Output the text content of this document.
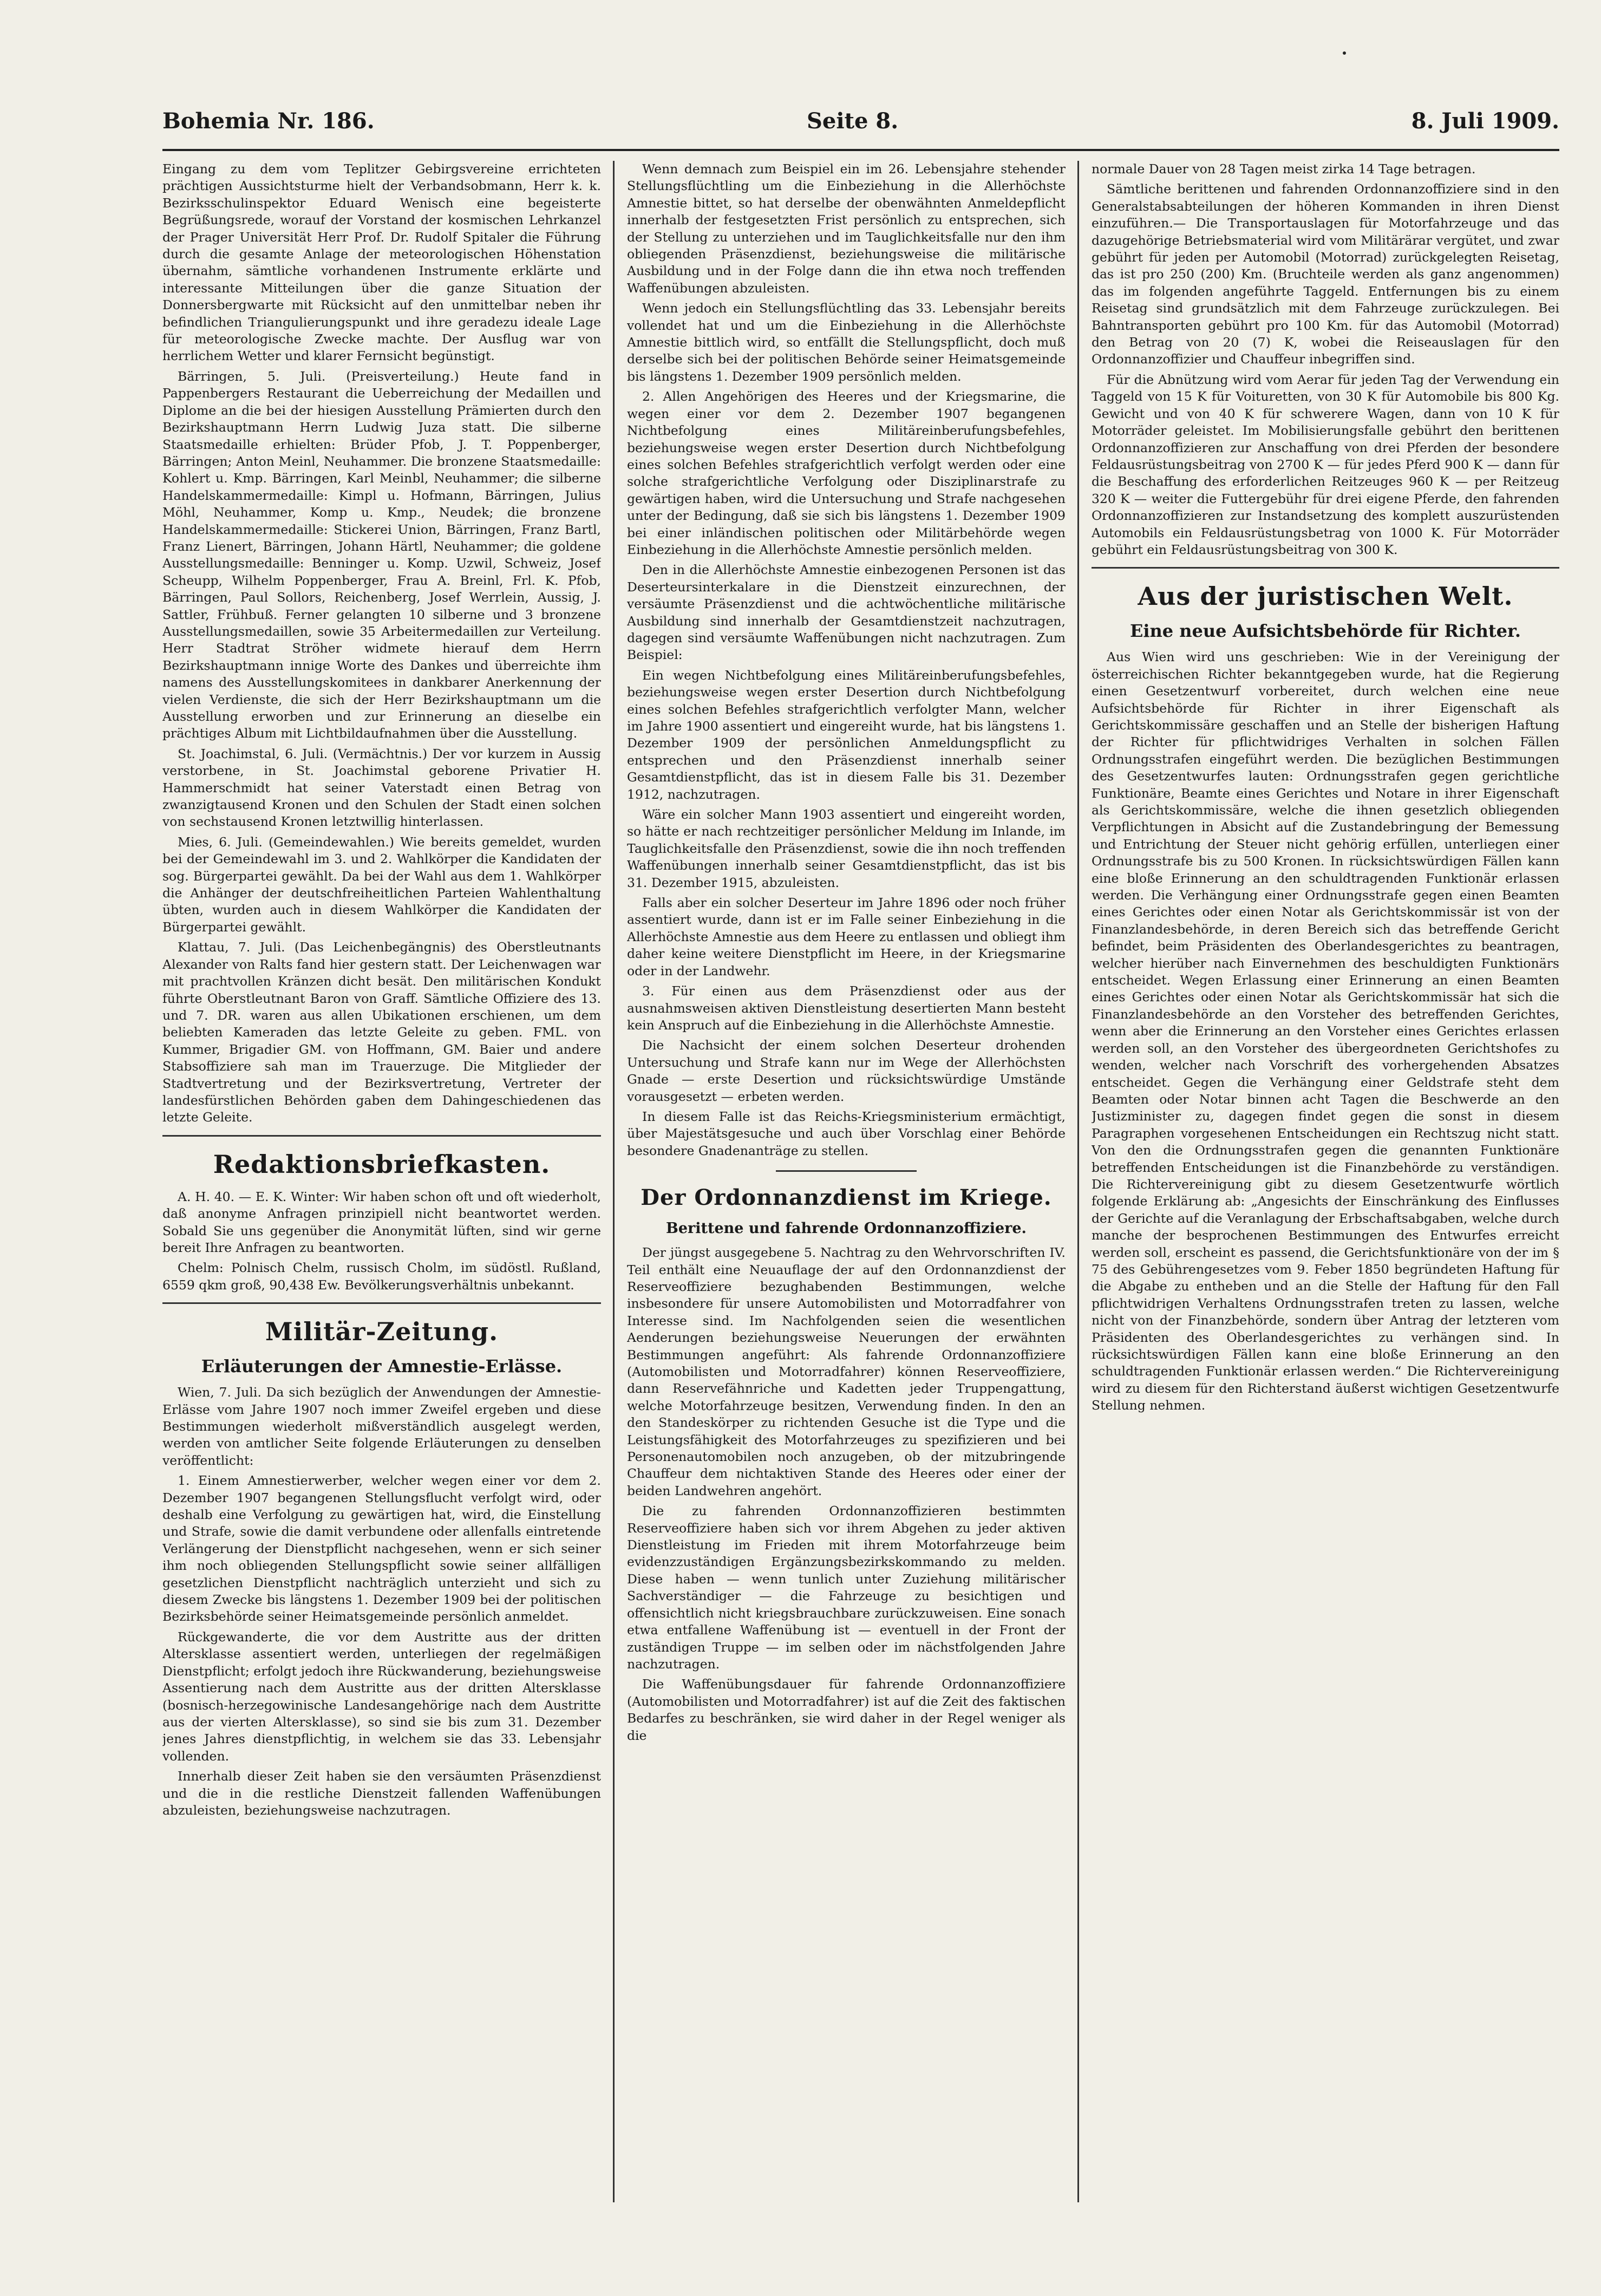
Bohemia Nr. 186.	Seite 8.	8. Juli 1909.

Eingang zu dem vom Teplitzer Gebirgsvereine errichteten prächtigen Aussichtsturme hielt der Verbandsobmann, Herr k. k. Bezirksschulinspektor Eduard Wenisch eine begeisterte Begrüßungsrede, worauf der Vorstand der kosmischen Lehrkanzel der Prager Universität Herr Prof. Dr. Rudolf Spitaler die Führung durch die gesamte Anlage der meteorologischen Höhenstation übernahm, sämtliche vorhandenen Instrumente erklärte und interessante Mitteilungen über die ganze Situation der Donnersbergwarte mit Rücksicht auf den unmittelbar neben ihr befindlichen Triangulierungspunkt und ihre geradezu ideale Lage für meteorologische Zwecke machte. Der Ausflug war von herrlichem Wetter und klarer Fernsicht begünstigt.

Bärringen, 5. Juli. (Preisverteilung.) Heute fand in Pappenbergers Restaurant die Ueberreichung der Medaillen und Diplome an die bei der hiesigen Ausstellung Prämierten durch den Bezirkshauptmann Herrn Ludwig Juza statt. Die silberne Staatsmedaille erhielten: Brüder Pfob, J. T. Poppenberger, Bärringen; Anton Meinl, Neuhammer. Die bronzene Staatsmedaille: Kohlert u. Kmp. Bärringen, Karl Meinbl, Neuhammer; die silberne Handelskammermedaille: Kimpl u. Hofmann, Bärringen, Julius Möhl, Neuhammer, Komp u. Kmp., Neudek; die bronzene Handelskammermedaille: Stickerei Union, Bärringen, Franz Bartl, Franz Lienert, Bärringen, Johann Härtl, Neuhammer; die goldene Ausstellungsmedaille: Benninger u. Komp. Uzwil, Schweiz, Josef Scheupp, Wilhelm Poppenberger, Frau A. Breinl, Frl. K. Pfob, Bärringen, Paul Sollors, Reichenberg, Josef Werrlein, Aussig, J. Sattler, Frühbuß. Ferner gelangten 10 silberne und 3 bronzene Ausstellungsmedaillen, sowie 35 Arbeitermedaillen zur Verteilung. Herr Stadtrat Ströher widmete hierauf dem Herrn Bezirkshauptmann innige Worte des Dankes und überreichte ihm namens des Ausstellungskomitees in dankbarer Anerkennung der vielen Verdienste, die sich der Herr Bezirkshauptmann um die Ausstellung erworben und zur Erinnerung an dieselbe ein prächtiges Album mit Lichtbildaufnahmen über die Ausstellung.

St. Joachimstal, 6. Juli. (Vermächtnis.) Der vor kurzem in Aussig verstorbene, in St. Joachimstal geborene Privatier H. Hammerschmidt hat seiner Vaterstadt einen Betrag von zwanzigtausend Kronen und den Schulen der Stadt einen solchen von sechstausend Kronen letztwillig hinterlassen.

Mies, 6. Juli. (Gemeindewahlen.) Wie bereits gemeldet, wurden bei der Gemeindewahl im 3. und 2. Wahlkörper die Kandidaten der sog. Bürgerpartei gewählt. Da bei der Wahl aus dem 1. Wahlkörper die Anhänger der deutschfreiheitlichen Parteien Wahlenthaltung übten, wurden auch in diesem Wahlkörper die Kandidaten der Bürgerpartei gewählt.

Klattau, 7. Juli. (Das Leichenbegängnis) des Oberstleutnants Alexander von Ralts fand hier gestern statt. Der Leichenwagen war mit prachtvollen Kränzen dicht besät. Den militärischen Kondukt führte Oberstleutnant Baron von Graff. Sämtliche Offiziere des 13. und 7. DR. waren aus allen Ubikationen erschienen, um dem beliebten Kameraden das letzte Geleite zu geben. FML. von Kummer, Brigadier GM. von Hoffmann, GM. Baier und andere Stabsoffiziere sah man im Trauerzuge. Die Mitglieder der Stadtvertretung und der Bezirksvertretung, Vertreter der landesfürstlichen Behörden gaben dem Dahingeschiedenen das letzte Geleite.

Redaktionsbriefkasten.

A. H. 40. — E. K. Winter: Wir haben schon oft und oft wiederholt, daß anonyme Anfragen prinzipiell nicht beantwortet werden. Sobald Sie uns gegenüber die Anonymität lüften, sind wir gerne bereit Ihre Anfragen zu beantworten.

Chelm: Polnisch Chelm, russisch Cholm, im südöstl. Rußland, 6559 qkm groß, 90,438 Ew. Bevölkerungsverhältnis unbekannt.

Militär-Zeitung.
Erläuterungen der Amnestie-Erlässe.

Wien, 7. Juli. Da sich bezüglich der Anwendungen der Amnestie-Erlässe vom Jahre 1907 noch immer Zweifel ergeben und diese Bestimmungen wiederholt mißverständlich ausgelegt werden, werden von amtlicher Seite folgende Erläuterungen zu denselben veröffentlicht:

1. Einem Amnestierwerber, welcher wegen einer vor dem 2. Dezember 1907 begangenen Stellungsflucht verfolgt wird, oder deshalb eine Verfolgung zu gewärtigen hat, wird, die Einstellung und Strafe, sowie die damit verbundene oder allenfalls eintretende Verlängerung der Dienstpflicht nachgesehen, wenn er sich seiner ihm noch obliegenden Stellungspflicht sowie seiner allfälligen gesetzlichen Dienstpflicht nachträglich unterzieht und sich zu diesem Zwecke bis längstens 1. Dezember 1909 bei der politischen Bezirksbehörde seiner Heimatsgemeinde persönlich anmeldet.

Rückgewanderte, die vor dem Austritte aus der dritten Altersklasse assentiert werden, unterliegen der regelmäßigen Dienstpflicht; erfolgt jedoch ihre Rückwanderung, beziehungsweise Assentierung nach dem Austritte aus der dritten Altersklasse (bosnisch-herzegowinische Landesangehörige nach dem Austritte aus der vierten Altersklasse), so sind sie bis zum 31. Dezember jenes Jahres dienstpflichtig, in welchem sie das 33. Lebensjahr vollenden.

Innerhalb dieser Zeit haben sie den versäumten Präsenzdienst und die in die restliche Dienstzeit fallenden Waffenübungen abzuleisten, beziehungsweise nachzutragen.

Wenn demnach zum Beispiel ein im 26. Lebensjahre stehender Stellungsflüchtling um die Einbeziehung in die Allerhöchste Amnestie bittet, so hat derselbe der obenwähnten Anmeldepflicht innerhalb der festgesetzten Frist persönlich zu entsprechen, sich der Stellung zu unterziehen und im Tauglichkeitsfalle nur den ihm obliegenden Präsenzdienst, beziehungsweise die militärische Ausbildung und in der Folge dann die ihn etwa noch treffenden Waffenübungen abzuleisten.

Wenn jedoch ein Stellungsflüchtling das 33. Lebensjahr bereits vollendet hat und um die Einbeziehung in die Allerhöchste Amnestie bittlich wird, so entfällt die Stellungspflicht, doch muß derselbe sich bei der politischen Behörde seiner Heimatsgemeinde bis längstens 1. Dezember 1909 persönlich melden.

2. Allen Angehörigen des Heeres und der Kriegsmarine, die wegen einer vor dem 2. Dezember 1907 begangenen Nichtbefolgung eines Militäreinberufungsbefehles, beziehungsweise wegen erster Desertion durch Nichtbefolgung eines solchen Befehles strafgerichtlich verfolgt werden oder eine solche strafgerichtliche Verfolgung oder Disziplinarstrafe zu gewärtigen haben, wird die Untersuchung und Strafe nachgesehen unter der Bedingung, daß sie sich bis längstens 1. Dezember 1909 bei einer inländischen politischen oder Militärbehörde wegen Einbeziehung in die Allerhöchste Amnestie persönlich melden.

Den in die Allerhöchste Amnestie einbezogenen Personen ist das Deserteursinterkalare in die Dienstzeit einzurechnen, der versäumte Präsenzdienst und die achtwöchentliche militärische Ausbildung sind innerhalb der Gesamtdienstzeit nachzutragen, dagegen sind versäumte Waffenübungen nicht nachzutragen. Zum Beispiel:

Ein wegen Nichtbefolgung eines Militäreinberufungsbefehles, beziehungsweise wegen erster Desertion durch Nichtbefolgung eines solchen Befehles strafgerichtlich verfolgter Mann, welcher im Jahre 1900 assentiert und eingereiht wurde, hat bis längstens 1. Dezember 1909 der persönlichen Anmeldungspflicht zu entsprechen und den Präsenzdienst innerhalb seiner Gesamtdienstpflicht, das ist in diesem Falle bis 31. Dezember 1912, nachzutragen.

Wäre ein solcher Mann 1903 assentiert und eingereiht worden, so hätte er nach rechtzeitiger persönlicher Meldung im Inlande, im Tauglichkeitsfalle den Präsenzdienst, sowie die ihn noch treffenden Waffenübungen innerhalb seiner Gesamtdienstpflicht, das ist bis 31. Dezember 1915, abzuleisten.

Falls aber ein solcher Deserteur im Jahre 1896 oder noch früher assentiert wurde, dann ist er im Falle seiner Einbeziehung in die Allerhöchste Amnestie aus dem Heere zu entlassen und obliegt ihm daher keine weitere Dienstpflicht im Heere, in der Kriegsmarine oder in der Landwehr.

3. Für einen aus dem Präsenzdienst oder aus der ausnahmsweisen aktiven Dienstleistung desertierten Mann besteht kein Anspruch auf die Einbeziehung in die Allerhöchste Amnestie.

Die Nachsicht der einem solchen Deserteur drohenden Untersuchung und Strafe kann nur im Wege der Allerhöchsten Gnade — erste Desertion und rücksichtswürdige Umstände vorausgesetzt — erbeten werden.

In diesem Falle ist das Reichs-Kriegsministerium ermächtigt, über Majestätsgesuche und auch über Vorschlag einer Behörde besondere Gnadenanträge zu stellen.

Der Ordonnanzdienst im Kriege.
Berittene und fahrende Ordonnanzoffiziere.

Der jüngst ausgegebene 5. Nachtrag zu den Wehrvorschriften IV. Teil enthält eine Neuauflage der auf den Ordonnanzdienst der Reserveoffiziere bezughabenden Bestimmungen, welche insbesondere für unsere Automobilisten und Motorradfahrer von Interesse sind. Im Nachfolgenden seien die wesentlichen Aenderungen beziehungsweise Neuerungen der erwähnten Bestimmungen angeführt: Als fahrende Ordonnanzoffiziere (Automobilisten und Motorradfahrer) können Reserveoffiziere, dann Reservefähnriche und Kadetten jeder Truppengattung, welche Motorfahrzeuge besitzen, Verwendung finden. In den an den Standeskörper zu richtenden Gesuche ist die Type und die Leistungsfähigkeit des Motorfahrzeuges zu spezifizieren und bei Personenautomobilen noch anzugeben, ob der mitzubringende Chauffeur dem nichtaktiven Stande des Heeres oder einer der beiden Landwehren angehört.

Die zu fahrenden Ordonnanzoffizieren bestimmten Reserveoffiziere haben sich vor ihrem Abgehen zu jeder aktiven Dienstleistung im Frieden mit ihrem Motorfahrzeuge beim evidenzzuständigen Ergänzungsbezirkskommando zu melden. Diese haben — wenn tunlich unter Zuziehung militärischer Sachverständiger — die Fahrzeuge zu besichtigen und offensichtlich nicht kriegsbrauchbare zurückzuweisen. Eine sonach etwa entfallene Waffenübung ist — eventuell in der Front der zuständigen Truppe — im selben oder im nächstfolgenden Jahre nachzutragen.

Die Waffenübungsdauer für fahrende Ordonnanzoffiziere (Automobilisten und Motorradfahrer) ist auf die Zeit des faktischen Bedarfes zu beschränken, sie wird daher in der Regel weniger als die

normale Dauer von 28 Tagen meist zirka 14 Tage betragen.

Sämtliche berittenen und fahrenden Ordonnanzoffiziere sind in den Generalstabsabteilungen der höheren Kommanden in ihren Dienst einzuführen.— Die Transportauslagen für Motorfahrzeuge und das dazugehörige Betriebsmaterial wird vom Militärärar vergütet, und zwar gebührt für jeden per Automobil (Motorrad) zurückgelegten Reisetag, das ist pro 250 (200) Km. (Bruchteile werden als ganz angenommen) das im folgenden angeführte Taggeld. Entfernungen bis zu einem Reisetag sind grundsätzlich mit dem Fahrzeuge zurückzulegen. Bei Bahntransporten gebührt pro 100 Km. für das Automobil (Motorrad) den Betrag von 20 (7) K, wobei die Reiseauslagen für den Ordonnanzoffizier und Chauffeur inbegriffen sind.

Für die Abnützung wird vom Aerar für jeden Tag der Verwendung ein Taggeld von 15 K für Voituretten, von 30 K für Automobile bis 800 Kg. Gewicht und von 40 K für schwerere Wagen, dann von 10 K für Motorräder geleistet. Im Mobilisierungsfalle gebührt den berittenen Ordonnanzoffizieren zur Anschaffung von drei Pferden der besondere Feldausrüstungsbeitrag von 2700 K — für jedes Pferd 900 K — dann für die Beschaffung des erforderlichen Reitzeuges 960 K — per Reitzeug 320 K — weiter die Futtergebühr für drei eigene Pferde, den fahrenden Ordonnanzoffizieren zur Instandsetzung des komplett auszurüstenden Automobils ein Feldausrüstungsbetrag von 1000 K. Für Motorräder gebührt ein Feldausrüstungsbeitrag von 300 K.

Aus der juristischen Welt.
Eine neue Aufsichtsbehörde für Richter.

Aus Wien wird uns geschrieben: Wie in der Vereinigung der österreichischen Richter bekanntgegeben wurde, hat die Regierung einen Gesetzentwurf vorbereitet, durch welchen eine neue Aufsichtsbehörde für Richter in ihrer Eigenschaft als Gerichtskommissäre geschaffen und an Stelle der bisherigen Haftung der Richter für pflichtwidriges Verhalten in solchen Fällen Ordnungsstrafen eingeführt werden. Die bezüglichen Bestimmungen des Gesetzentwurfes lauten: Ordnungsstrafen gegen gerichtliche Funktionäre, Beamte eines Gerichtes und Notare in ihrer Eigenschaft als Gerichtskommissäre, welche die ihnen gesetzlich obliegenden Verpflichtungen in Absicht auf die Zustandebringung der Bemessung und Entrichtung der Steuer nicht gehörig erfüllen, unterliegen einer Ordnungsstrafe bis zu 500 Kronen. In rücksichtswürdigen Fällen kann eine bloße Erinnerung an den schuldtragenden Funktionär erlassen werden. Die Verhängung einer Ordnungsstrafe gegen einen Beamten eines Gerichtes oder einen Notar als Gerichtskommissär ist von der Finanzlandesbehörde, in deren Bereich sich das betreffende Gericht befindet, beim Präsidenten des Oberlandesgerichtes zu beantragen, welcher hierüber nach Einvernehmen des beschuldigten Funktionärs entscheidet. Wegen Erlassung einer Erinnerung an einen Beamten eines Gerichtes oder einen Notar als Gerichtskommissär hat sich die Finanzlandesbehörde an den Vorsteher des betreffenden Gerichtes, wenn aber die Erinnerung an den Vorsteher eines Gerichtes erlassen werden soll, an den Vorsteher des übergeordneten Gerichtshofes zu wenden, welcher nach Vorschrift des vorhergehenden Absatzes entscheidet. Gegen die Verhängung einer Geldstrafe steht dem Beamten oder Notar binnen acht Tagen die Beschwerde an den Justizminister zu, dagegen findet gegen die sonst in diesem Paragraphen vorgesehenen Entscheidungen ein Rechtszug nicht statt. Von den die Ordnungsstrafen gegen die genannten Funktionäre betreffenden Entscheidungen ist die Finanzbehörde zu verständigen. Die Richtervereinigung gibt zu diesem Gesetzentwurfe wörtlich folgende Erklärung ab: „Angesichts der Einschränkung des Einflusses der Gerichte auf die Veranlagung der Erbschaftsabgaben, welche durch manche der besprochenen Bestimmungen des Entwurfes erreicht werden soll, erscheint es passend, die Gerichtsfunktionäre von der im § 75 des Gebührengesetzes vom 9. Feber 1850 begründeten Haftung für die Abgabe zu entheben und an die Stelle der Haftung für den Fall pflichtwidrigen Verhaltens Ordnungsstrafen treten zu lassen, welche nicht von der Finanzbehörde, sondern über Antrag der letzteren vom Präsidenten des Oberlandesgerichtes zu verhängen sind. In rücksichtswürdigen Fällen kann eine bloße Erinnerung an den schuldtragenden Funktionär erlassen werden.“ Die Richtervereinigung wird zu diesem für den Richterstand äußerst wichtigen Gesetzentwurfe Stellung nehmen.
